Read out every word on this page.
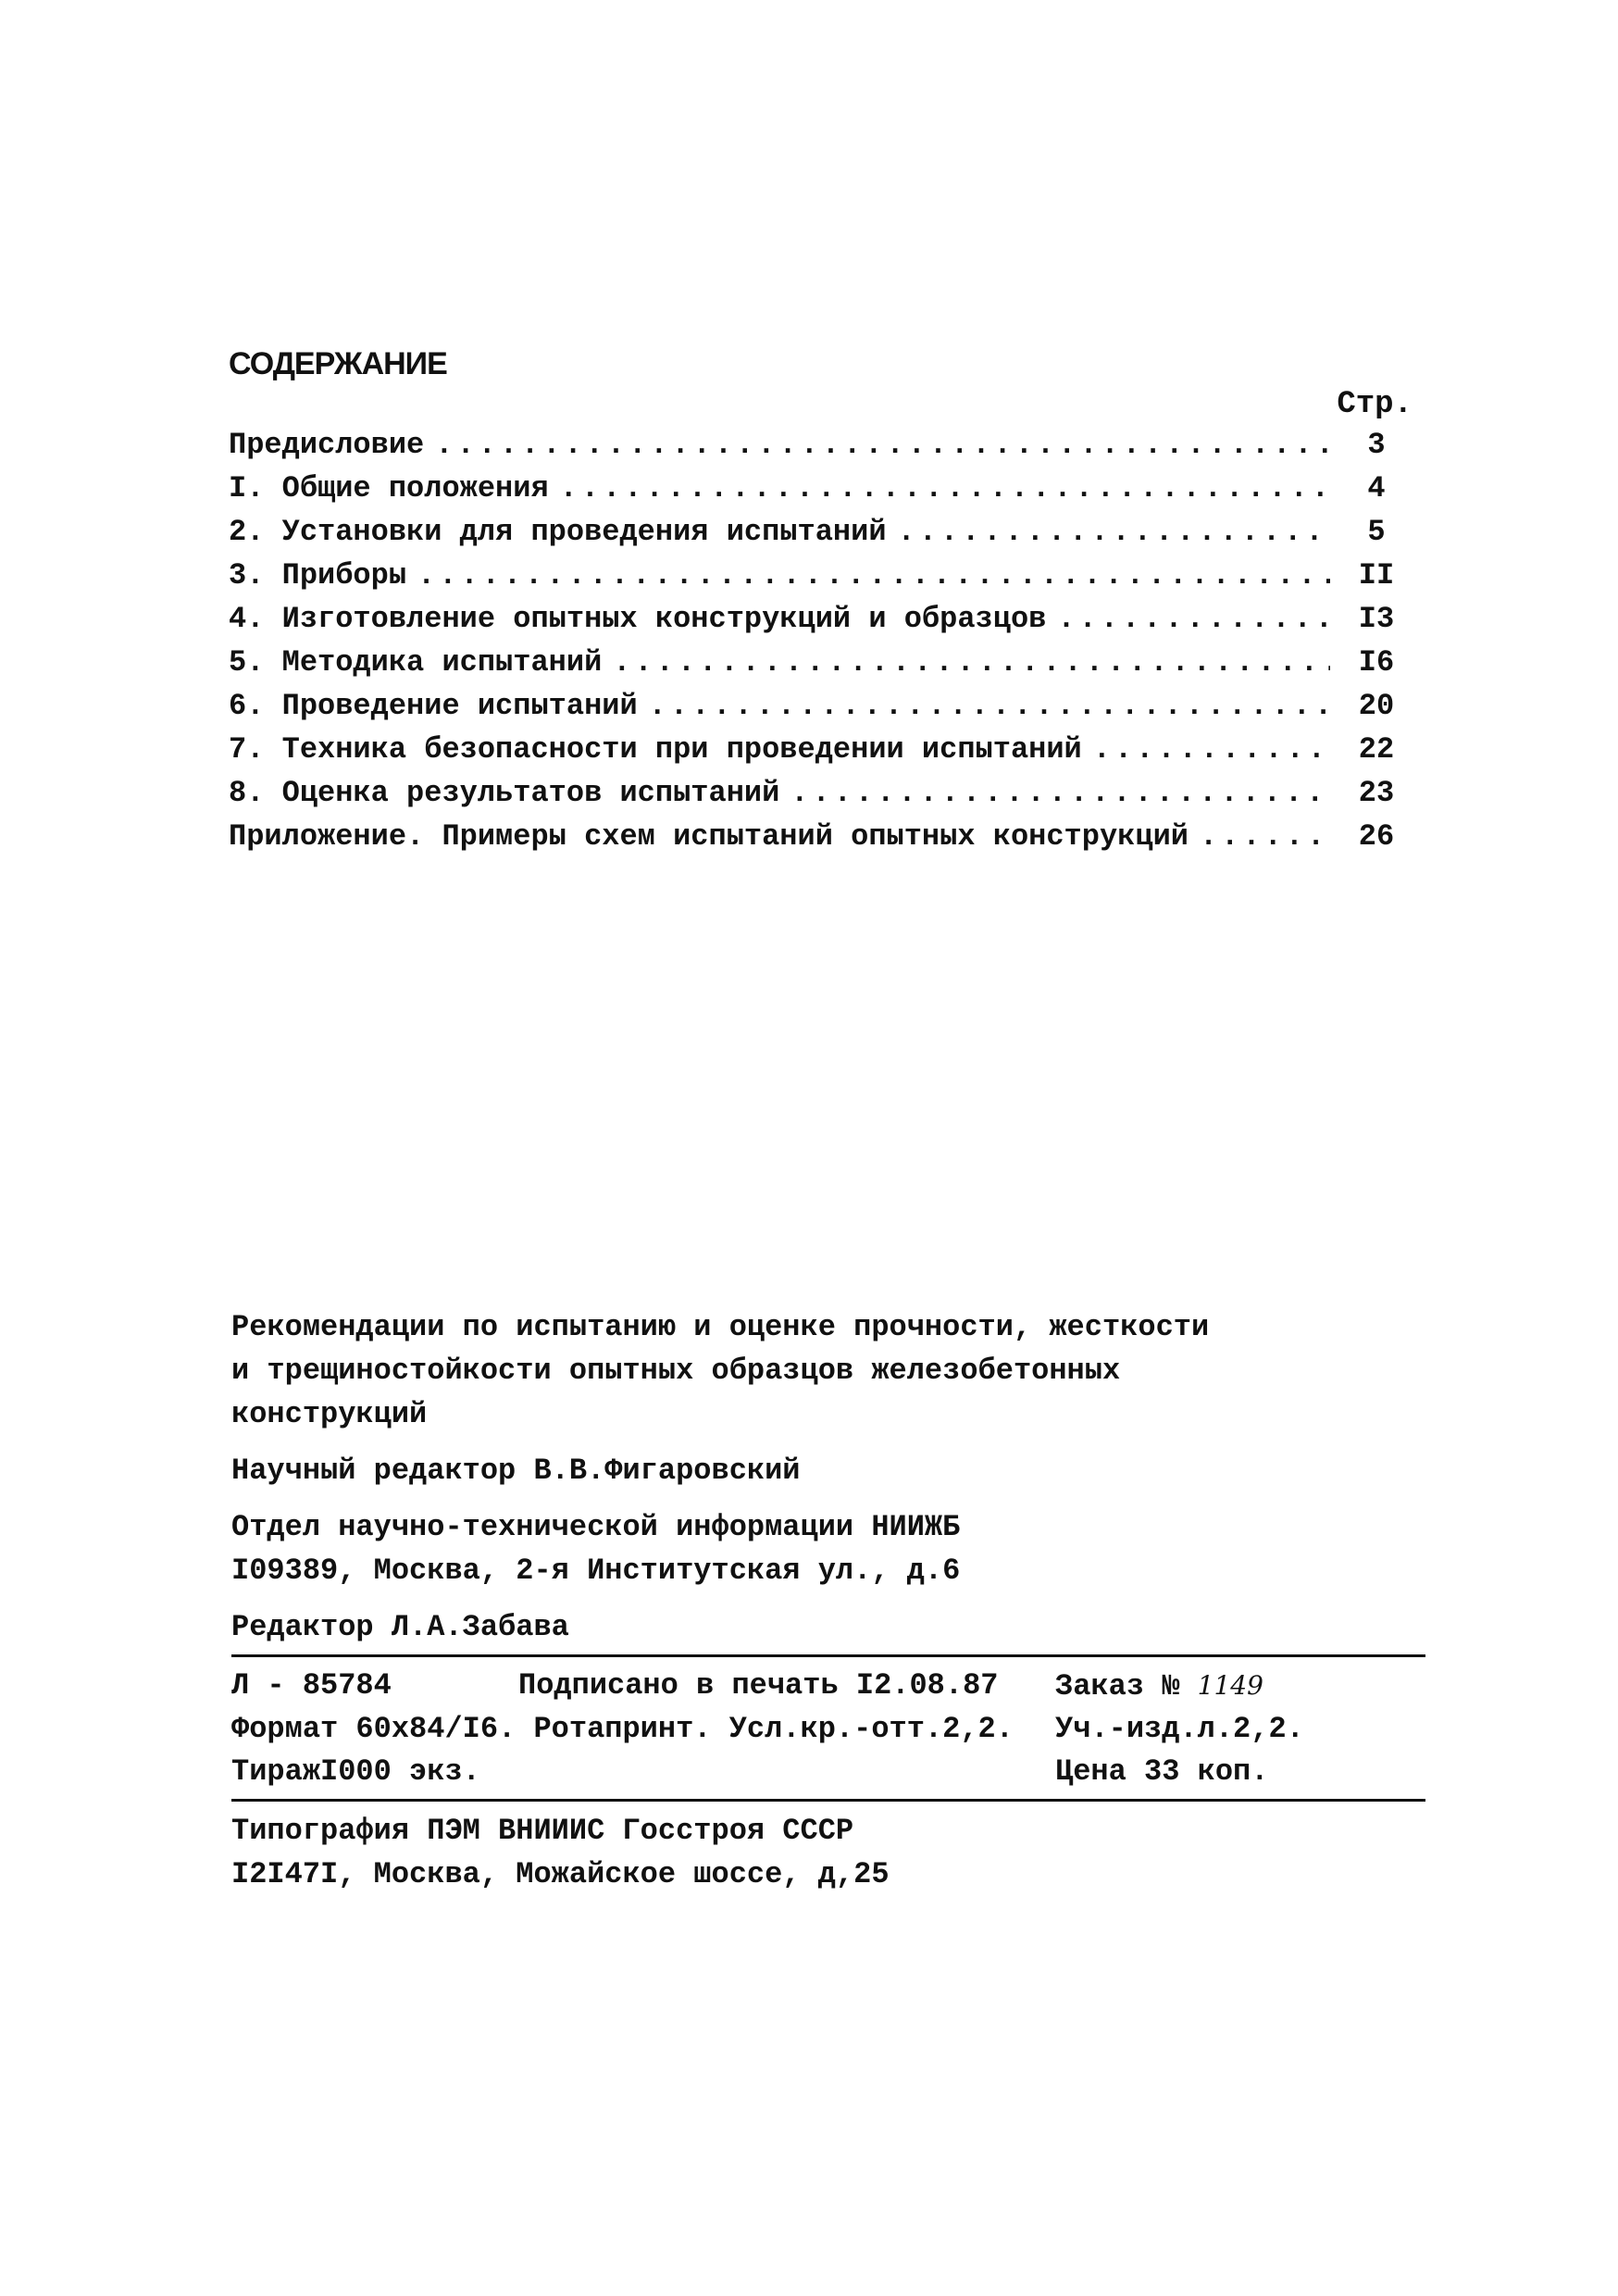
СОДЕРЖАНИЕ
Стр.
Предисловие .....	3
I. Общие положения .....	4
2. Установки для проведения испытаний .....	5
3. Приборы .....	II
4. Изготовление опытных конструкций и образцов .....	I3
5. Методика испытаний .....	I6
6. Проведение испытаний .....	20
7. Техника безопасности при проведении испытаний .....	22
8. Оценка результатов испытаний .....	23
Приложение. Примеры схем испытаний опытных конструкций .....	26
Рекомендации по испытанию и оценке прочности, жесткости
и трещиностойкости опытных образцов железобетонных
конструкций
Научный редактор В.В.Фигаровский
Отдел научно-технической информации НИИЖБ
I09389, Москва, 2-я Институтская ул., д.6
Редактор Л.А.Забава
Л - 85784	Подписано в печать I2.08.87	Заказ № 1149
Формат 60x84/I6. Ротапринт. Усл.кр.-отт.2,2.	Уч.-изд.л.2,2.
ТиражI000 экз.	Цена 33 коп.
Типография ПЭМ ВНИИИС Госстроя СССР
I2I47I, Москва, Можайское шоссе, д,25
